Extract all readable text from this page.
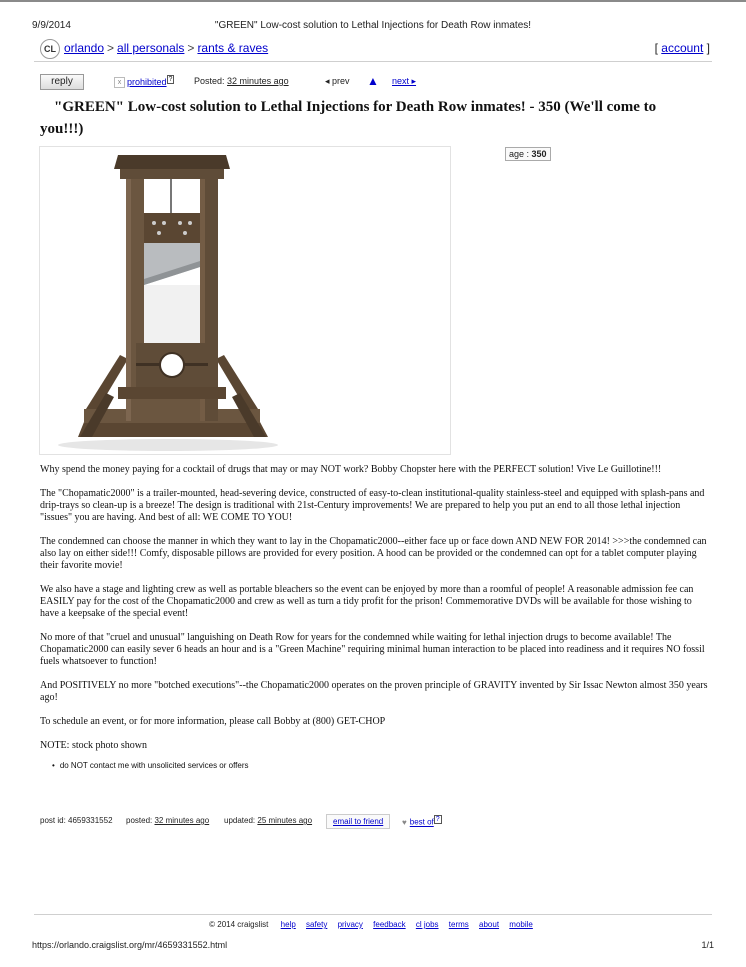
9/9/2014	"GREEN" Low-cost solution to Lethal Injections for Death Row inmates!
CL orlando > all personals > rants & raves	[ account ]
reply	x prohibited ? Posted: 32 minutes ago	◂ prev ▲ next ▸
"GREEN" Low-cost solution to Lethal Injections for Death Row inmates! - 350 (We'll come to you!!!)
age : 350

Why spend the money paying for a cocktail of drugs that may or may NOT work? Bobby Chopster here with the PERFECT solution! Vive Le Guillotine!!!

The "Chopamatic2000" is a trailer-mounted, head-severing device, constructed of easy-to-clean institutional-quality stainless-steel and equipped with splash-pans and drip-trays so clean-up is a breeze! The design is traditional with 21st-Century improvements! We are prepared to help you put an end to all those lethal injection "issues" you are having. And best of all: WE COME TO YOU!

The condemned can choose the manner in which they want to lay in the Chopamatic2000--either face up or face down AND NEW FOR 2014! >>>the condemned can also lay on either side!!! Comfy, disposable pillows are provided for every position. A hood can be provided or the condemned can opt for a tablet computer playing their favorite movie!

We also have a stage and lighting crew as well as portable bleachers so the event can be enjoyed by more than a roomful of people! A reasonable admission fee can EASILY pay for the cost of the Chopamatic2000 and crew as well as turn a tidy profit for the prison! Commemorative DVDs will be available for those wishing to have a keepsake of the special event!

No more of that "cruel and unusual" languishing on Death Row for years for the condemned while waiting for lethal injection drugs to become available! The Chopamatic2000 can easily sever 6 heads an hour and is a "Green Machine" requiring minimal human interaction to be placed into readiness and it requires NO fossil fuels whatsoever to function!

And POSITIVELY no more "botched executions"--the Chopamatic2000 operates on the proven principle of GRAVITY invented by Sir Issac Newton almost 350 years ago!

To schedule an event, or for more information, please call Bobby at (800) GET-CHOP

NOTE: stock photo shown

• do NOT contact me with unsolicited services or offers
post id: 4659331552 posted: 32 minutes ago updated: 25 minutes ago	email to friend	♥ best of ?
© 2014 craigslist help safety privacy feedback cl jobs terms about mobile
https://orlando.craigslist.org/mr/4659331552.html	1/1
